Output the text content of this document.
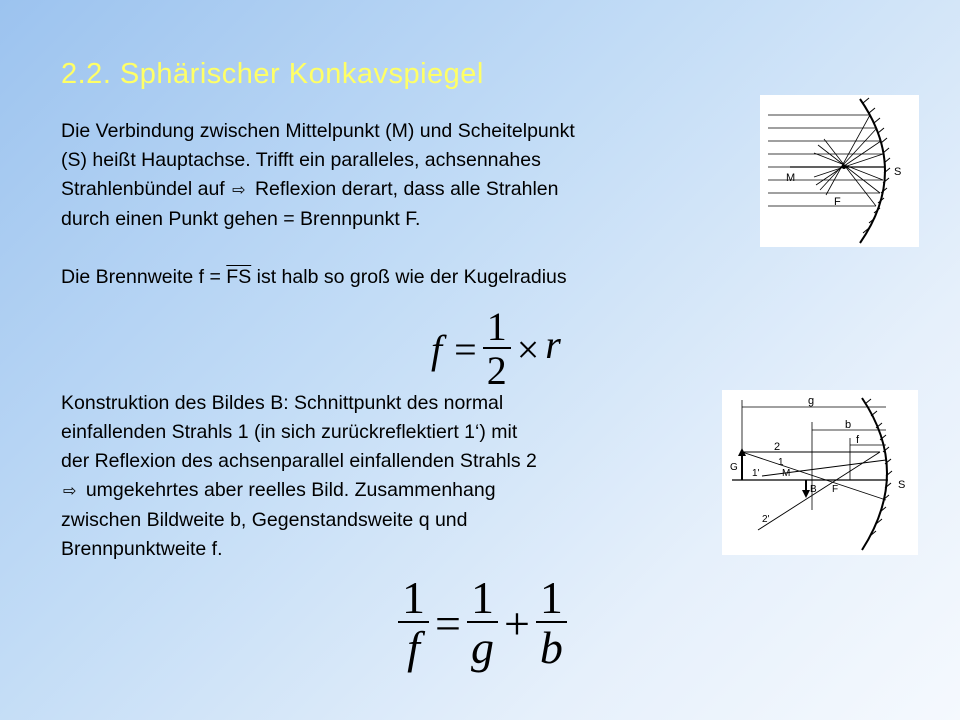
2.2. Sphärischer Konkavspiegel
Die Verbindung zwischen Mittelpunkt (M) und Scheitelpunkt
(S) heißt Hauptachse. Trifft ein paralleles, achsennahes
Strahlenbündel auf ⇨ Reflexion derart, dass alle Strahlen
durch einen Punkt gehen = Brennpunkt F.
M	S
F
Die Brennweite $f = \overline{FS}$ ist halb so groß wie der Kugelradius
$f = \frac{1}{2} \times r$
Konstruktion des Bildes B: Schnittpunkt des normal
einfallenden Strahls 1 (in sich zurückreflektiert 1‘) mit
der Reflexion des achsenparallel einfallenden Strahls 2
⇨ umgekehrtes aber reelles Bild. Zusammenhang
zwischen Bildweite b, Gegenstandsweite q und
Brennpunktweite f.
g
b
f
2
1
1'
2'
G
M
B F	S
$\frac{1}{f} = \frac{1}{g} + \frac{1}{b}$
